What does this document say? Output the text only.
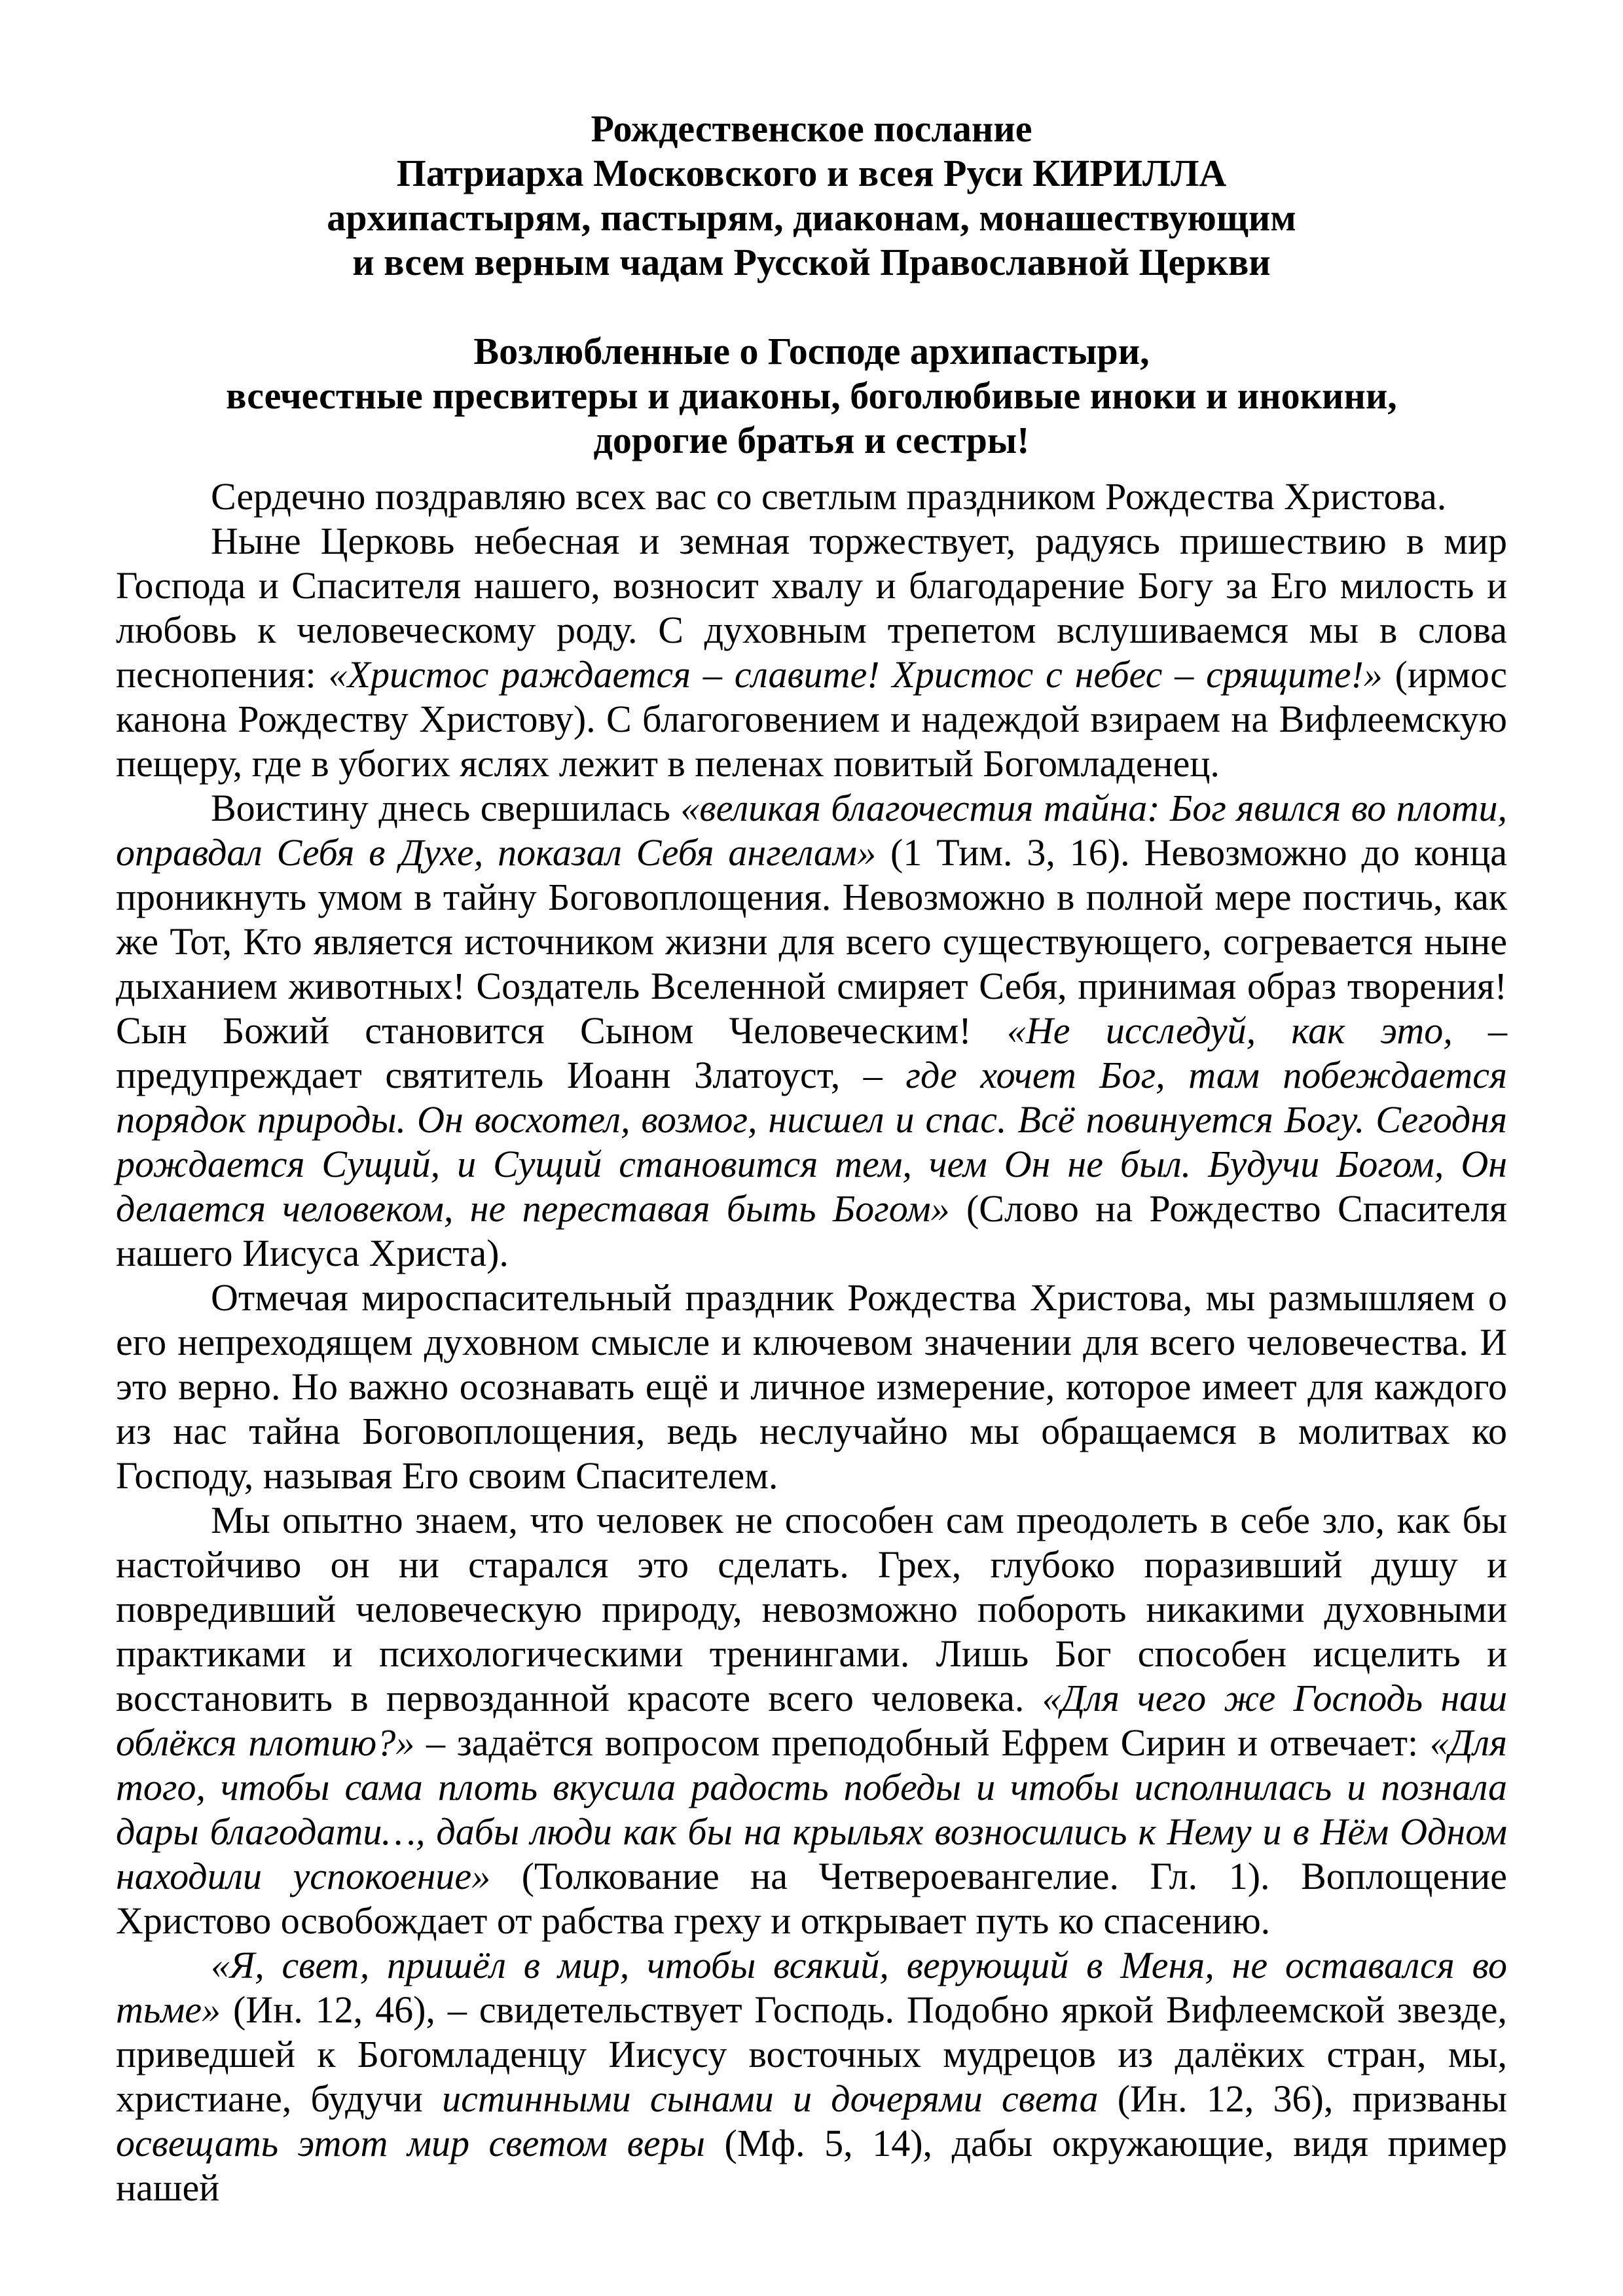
Рождественское послание
Патриарха Московского и всея Руси КИРИЛЛА
архипастырям, пастырям, диаконам, монашествующим
и всем верным чадам Русской Православной Церкви
Возлюбленные о Господе архипастыри,
всечестные пресвитеры и диаконы, боголюбивые иноки и инокини,
дорогие братья и сестры!

Сердечно поздравляю всех вас со светлым праздником Рождества Христова.

Ныне Церковь небесная и земная торжествует, радуясь пришествию в мир Господа и Спасителя нашего, возносит хвалу и благодарение Богу за Его милость и любовь к человеческому роду. С духовным трепетом вслушиваемся мы в слова песнопения: «Христос раждается – славите! Христос с небес – срящите!» (ирмос канона Рождеству Христову). С благоговением и надеждой взираем на Вифлеемскую пещеру, где в убогих яслях лежит в пеленах повитый Богомладенец.

Воистину днесь свершилась «великая благочестия тайна: Бог явился во плоти, оправдал Себя в Духе, показал Себя ангелам» (1 Тим. 3, 16). Невозможно до конца проникнуть умом в тайну Боговоплощения. Невозможно в полной мере постичь, как же Тот, Кто является источником жизни для всего существующего, согревается ныне дыханием животных! Создатель Вселенной смиряет Себя, принимая образ творения! Сын Божий становится Сыном Человеческим! «Не исследуй, как это, – предупреждает святитель Иоанн Златоуст, – где хочет Бог, там побеждается порядок природы. Он восхотел, возмог, нисшел и спас. Всё повинуется Богу. Сегодня рождается Сущий, и Сущий становится тем, чем Он не был. Будучи Богом, Он делается человеком, не переставая быть Богом» (Слово на Рождество Спасителя нашего Иисуса Христа).

Отмечая мироспасительный праздник Рождества Христова, мы размышляем о его непреходящем духовном смысле и ключевом значении для всего человечества. И это верно. Но важно осознавать ещё и личное измерение, которое имеет для каждого из нас тайна Боговоплощения, ведь неслучайно мы обращаемся в молитвах ко Господу, называя Его своим Спасителем.

Мы опытно знаем, что человек не способен сам преодолеть в себе зло, как бы настойчиво он ни старался это сделать. Грех, глубоко поразивший душу и повредивший человеческую природу, невозможно побороть никакими духовными практиками и психологическими тренингами. Лишь Бог способен исцелить и восстановить в первозданной красоте всего человека. «Для чего же Господь наш облёкся плотию?» – задаётся вопросом преподобный Ефрем Сирин и отвечает: «Для того, чтобы сама плоть вкусила радость победы и чтобы исполнилась и познала дары благодати…, дабы люди как бы на крыльях возносились к Нему и в Нём Одном находили успокоение» (Толкование на Четвероевангелие. Гл. 1). Воплощение Христово освобождает от рабства греху и открывает путь ко спасению.

«Я, свет, пришёл в мир, чтобы всякий, верующий в Меня, не оставался во тьме» (Ин. 12, 46), – свидетельствует Господь. Подобно яркой Вифлеемской звезде, приведшей к Богомладенцу Иисусу восточных мудрецов из далёких стран, мы, христиане, будучи истинными сынами и дочерями света (Ин. 12, 36), призваны освещать этот мир светом веры (Мф. 5, 14), дабы окружающие, видя пример нашей
